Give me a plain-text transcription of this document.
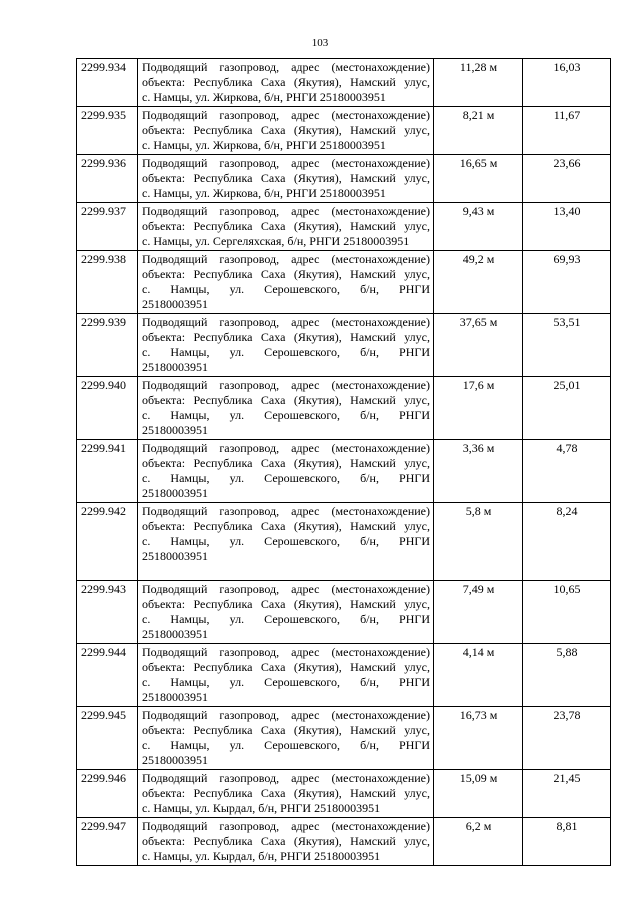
103
2299.934	Подводящий газопровод, адрес (местонахождение)
объекта: Республика Саха (Якутия), Намский улус,
с. Намцы, ул. Жиркова, б/н, РНГИ 25180003951	11,28 м	16,03
2299.935	Подводящий газопровод, адрес (местонахождение)
объекта: Республика Саха (Якутия), Намский улус,
с. Намцы, ул. Жиркова, б/н, РНГИ 25180003951	8,21 м	11,67
2299.936	Подводящий газопровод, адрес (местонахождение)
объекта: Республика Саха (Якутия), Намский улус,
с. Намцы, ул. Жиркова, б/н, РНГИ 25180003951	16,65 м	23,66
2299.937	Подводящий газопровод, адрес (местонахождение)
объекта: Республика Саха (Якутия), Намский улус,
с. Намцы, ул. Сергеляхская, б/н, РНГИ 25180003951	9,43 м	13,40
2299.938	Подводящий газопровод, адрес (местонахождение)
объекта: Республика Саха (Якутия), Намский улус,
с. Намцы, ул. Серошевского, б/н, РНГИ
25180003951	49,2 м	69,93
2299.939	Подводящий газопровод, адрес (местонахождение)
объекта: Республика Саха (Якутия), Намский улус,
с. Намцы, ул. Серошевского, б/н, РНГИ
25180003951	37,65 м	53,51
2299.940	Подводящий газопровод, адрес (местонахождение)
объекта: Республика Саха (Якутия), Намский улус,
с. Намцы, ул. Серошевского, б/н, РНГИ
25180003951	17,6 м	25,01
2299.941	Подводящий газопровод, адрес (местонахождение)
объекта: Республика Саха (Якутия), Намский улус,
с. Намцы, ул. Серошевского, б/н, РНГИ
25180003951	3,36 м	4,78
2299.942	Подводящий газопровод, адрес (местонахождение)
объекта: Республика Саха (Якутия), Намский улус,
с. Намцы, ул. Серошевского, б/н, РНГИ
25180003951	5,8 м	8,24
2299.943	Подводящий газопровод, адрес (местонахождение)
объекта: Республика Саха (Якутия), Намский улус,
с. Намцы, ул. Серошевского, б/н, РНГИ
25180003951	7,49 м	10,65
2299.944	Подводящий газопровод, адрес (местонахождение)
объекта: Республика Саха (Якутия), Намский улус,
с. Намцы, ул. Серошевского, б/н, РНГИ
25180003951	4,14 м	5,88
2299.945	Подводящий газопровод, адрес (местонахождение)
объекта: Республика Саха (Якутия), Намский улус,
с. Намцы, ул. Серошевского, б/н, РНГИ
25180003951	16,73 м	23,78
2299.946	Подводящий газопровод, адрес (местонахождение)
объекта: Республика Саха (Якутия), Намский улус,
с. Намцы, ул. Кырдал, б/н, РНГИ 25180003951	15,09 м	21,45
2299.947	Подводящий газопровод, адрес (местонахождение)
объекта: Республика Саха (Якутия), Намский улус,
с. Намцы, ул. Кырдал, б/н, РНГИ 25180003951	6,2 м	8,81
